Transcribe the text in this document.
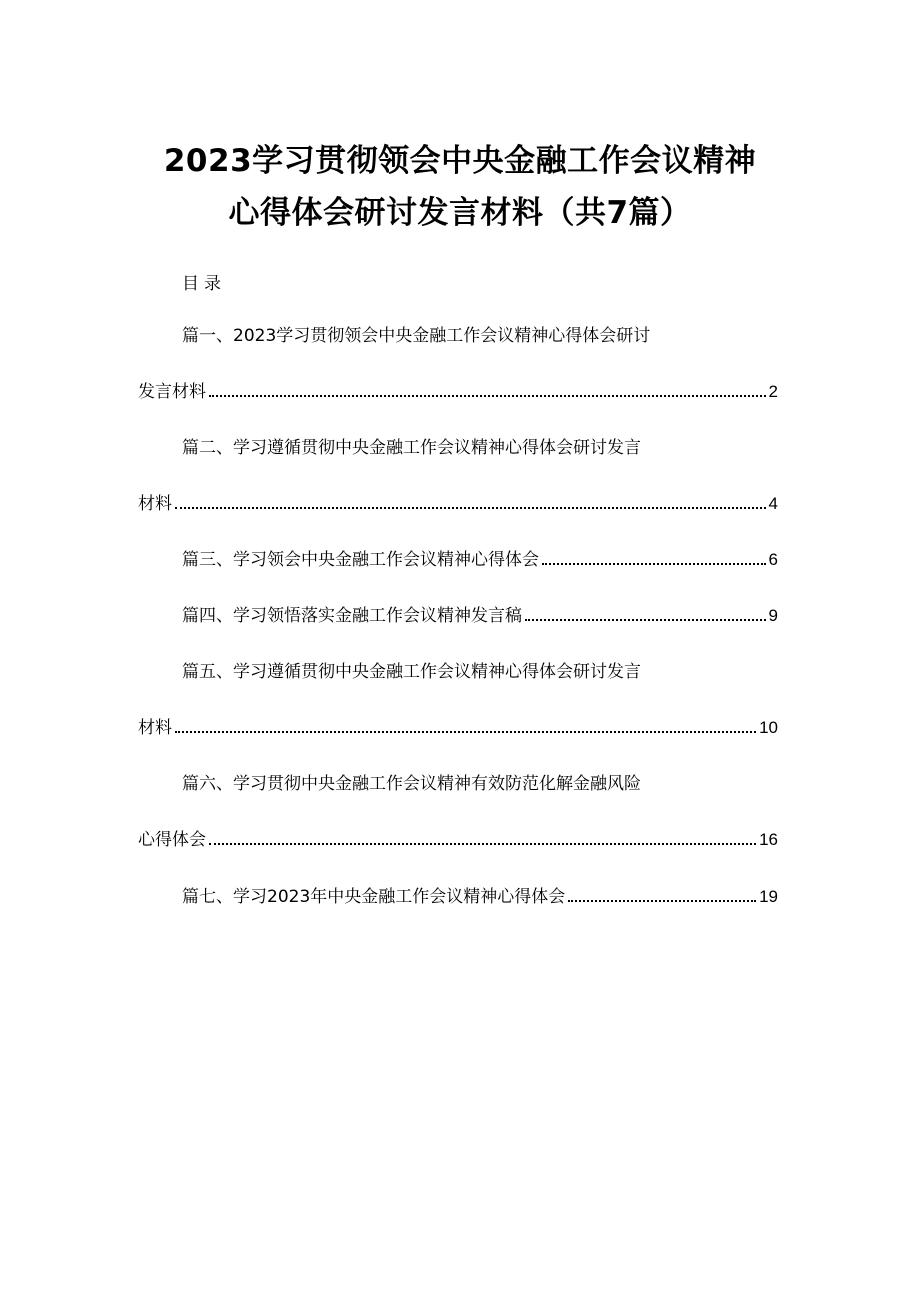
2023学习贯彻领会中央金融工作会议精神
心得体会研讨发言材料（共7篇）
目录
篇一、2023学习贯彻领会中央金融工作会议精神心得体会研讨
发言材料	2
篇二、学习遵循贯彻中央金融工作会议精神心得体会研讨发言
材料	4
篇三、学习领会中央金融工作会议精神心得体会	6
篇四、学习领悟落实金融工作会议精神发言稿	9
篇五、学习遵循贯彻中央金融工作会议精神心得体会研讨发言
材料	10
篇六、学习贯彻中央金融工作会议精神有效防范化解金融风险
心得体会	16
篇七、学习2023年中央金融工作会议精神心得体会	19
